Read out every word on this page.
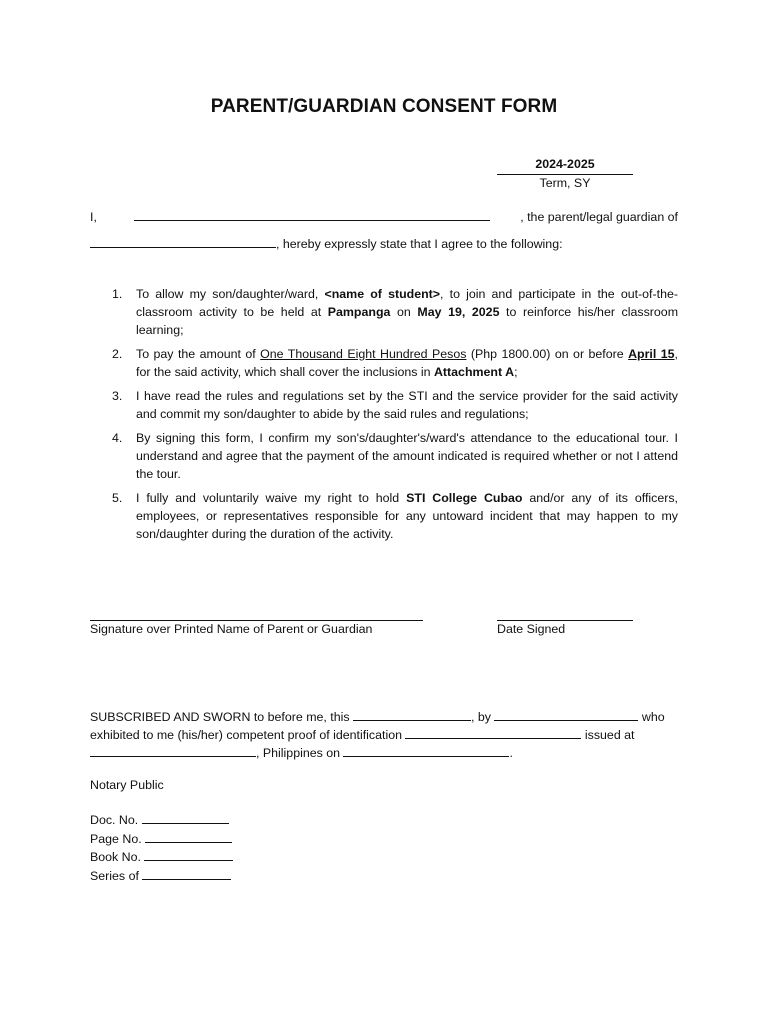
PARENT/GUARDIAN CONSENT FORM
2024-2025
Term, SY
I,	, the parent/legal guardian of
, hereby expressly state that I agree to the following:
1. To allow my son/daughter/ward, <name of student>, to join and participate in the out-of-the-classroom activity to be held at Pampanga on May 19, 2025 to reinforce his/her classroom learning;
2. To pay the amount of One Thousand Eight Hundred Pesos (Php 1800.00) on or before April 15, for the said activity, which shall cover the inclusions in Attachment A;
3. I have read the rules and regulations set by the STI and the service provider for the said activity and commit my son/daughter to abide by the said rules and regulations;
4. By signing this form, I confirm my son's/daughter's/ward's attendance to the educational tour. I understand and agree that the payment of the amount indicated is required whether or not I attend the tour.
5. I fully and voluntarily waive my right to hold STI College Cubao and/or any of its officers, employees, or representatives responsible for any untoward incident that may happen to my son/daughter during the duration of the activity.
Signature over Printed Name of Parent or Guardian	Date Signed
SUBSCRIBED AND SWORN to before me, this	, by	who
exhibited to me (his/her) competent proof of identification	issued at
, Philippines on	.
Notary Public
Doc. No.
Page No.
Book No.
Series of
